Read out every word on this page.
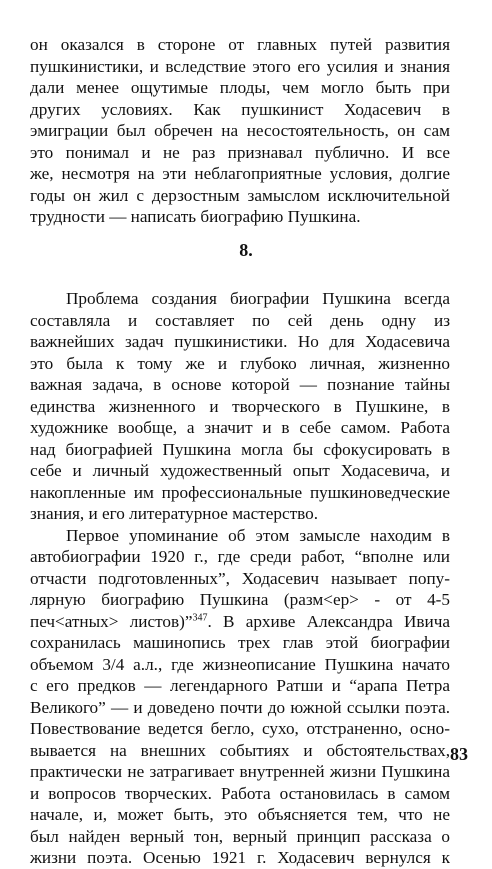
он оказался в стороне от главных путей развития
пушкинистики, и вследствие этого его усилия и знания
дали менее ощутимые плоды, чем могло быть при
других условиях. Как пушкинист Ходасевич в
эмиграции был обречен на несостоятельность, он сам
это понимал и не раз признавал публично. И все
же, несмотря на эти неблагоприятные условия, долгие
годы он жил с дерзостным замыслом исключительной
трудности — написать биографию Пушкина.
8.
Проблема создания биографии Пушкина всегда
составляла и составляет по сей день одну из
важнейших задач пушкинистики. Но для Ходасевича
это была к тому же и глубоко личная, жизненно
важная задача, в основе которой — познание тайны
единства жизненного и творческого в Пушкине, в
художнике вообще, а значит и в себе самом. Работа
над биографией Пушкина могла бы сфокусировать в
себе и личный художественный опыт Ходасевича, и
накопленные им профессиональные пушкиноведческие
знания, и его литературное мастерство.
Первое упоминание об этом замысле находим в
автобиографии 1920 г., где среди работ, “вполне или
отчасти подготовленных”, Ходасевич называет попу-
лярную биографию Пушкина (разм<ер> - от 4-5
печ<атных> листов)”$^{347}$. В архиве Александра Ивича
сохранилась машинопись трех глав этой биографии
объемом 3/4 а.л., где жизнеописание Пушкина начато
с его предков — легендарного Ратши и “арапа Петра
Великого” — и доведено почти до южной ссылки поэта.
Повествование ведется бегло, сухо, отстраненно, осно-
вывается на внешних событиях и обстоятельствах,
практически не затрагивает внутренней жизни Пушкина
и вопросов творческих. Работа остановилась в самом
начале, и, может быть, это объясняется тем, что не
был найден верный тон, верный принцип рассказа о
жизни поэта. Осенью 1921 г. Ходасевич вернулся к
83
